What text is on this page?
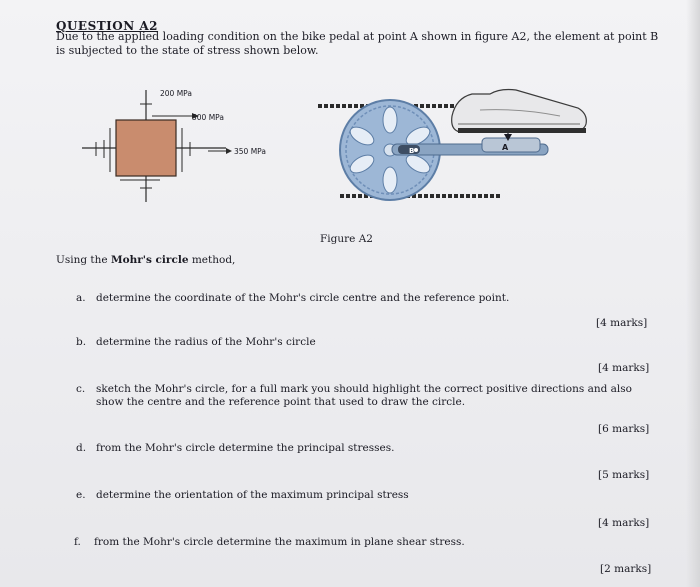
QUESTION A2
Due to the applied loading condition on the bike pedal at point A shown in figure A2, the element at point B is subjected to the state of stress shown below.
200 MPa
500 MPa
350 MPa	B	A
Figure A2
Using the Mohr's circle method,
a. determine the coordinate of the Mohr's circle centre and the reference point.
[4 marks]
b. determine the radius of the Mohr's circle
[4 marks]
c. sketch the Mohr's circle, for a full mark you should highlight the correct positive directions and also show the centre and the reference point that used to draw the circle.
[6 marks]
d. from the Mohr's circle determine the principal stresses.
[5 marks]
e. determine the orientation of the maximum principal stress
[4 marks]
f. from the Mohr's circle determine the maximum in plane shear stress.
[2 marks]
